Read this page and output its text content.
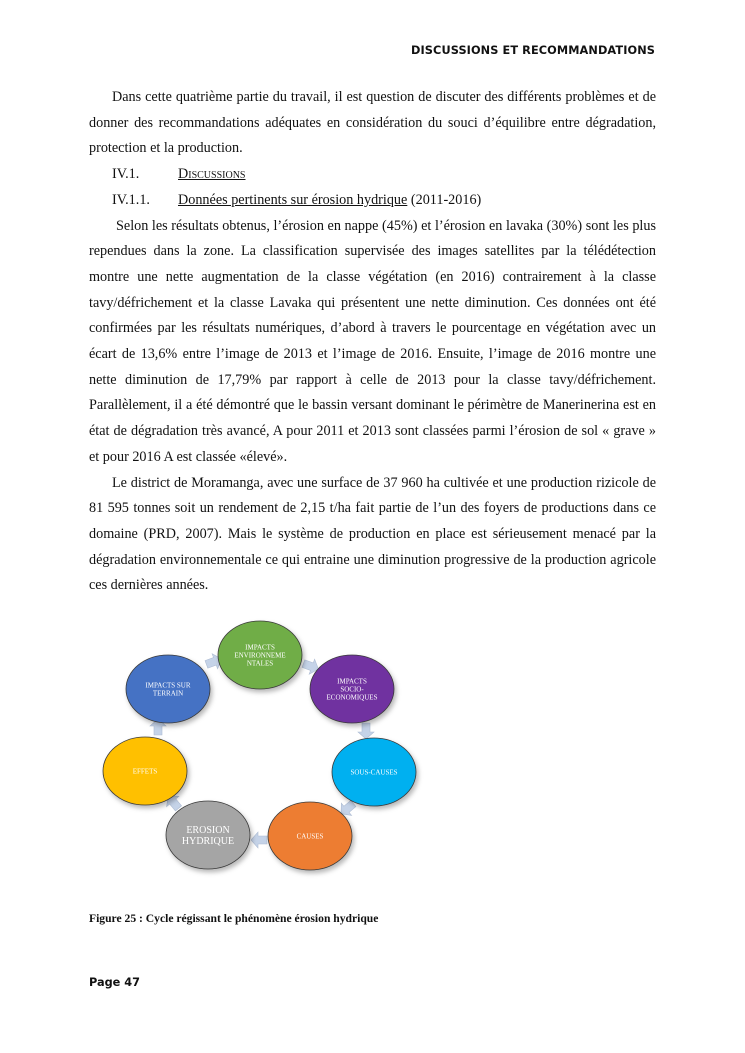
DISCUSSIONS ET RECOMMANDATIONS

Dans cette quatrième partie du travail, il est question de discuter des différents problèmes et de donner des recommandations adéquates en considération du souci d’équilibre entre dégradation, protection et la production.

IV.1.	Discussions
IV.1.1.	Données pertinents sur érosion hydrique (2011-2016)

Selon les résultats obtenus, l’érosion en nappe (45%) et l’érosion en lavaka (30%) sont les plus rependues dans la zone. La classification supervisée des images satellites par la télédétection montre une nette augmentation de la classe végétation (en 2016) contrairement à la classe tavy/défrichement et la classe Lavaka qui présentent une nette diminution. Ces données ont été confirmées par les résultats numériques, d’abord à travers le pourcentage en végétation avec un écart de 13,6% entre l’image de 2013 et l’image de 2016. Ensuite, l’image de 2016 montre une nette diminution de 17,79% par rapport à celle de 2013 pour la classe tavy/défrichement. Parallèlement, il a été démontré que le bassin versant dominant le périmètre de Manerinerina est en état de dégradation très avancé, A pour 2011 et 2013 sont classées parmi l’érosion de sol « grave » et pour 2016 A est classée «élevé».

Le district de Moramanga, avec une surface de 37 960 ha cultivée et une production rizicole de 81 595 tonnes soit un rendement de 2,15 t/ha fait partie de l’un des foyers de productions dans ce domaine (PRD, 2007). Mais le système de production en place est sérieusement menacé par la dégradation environnementale ce qui entraine une diminution progressive de la production agricole ces dernières années.

IMPACTS
ENVIRONNEME
NTALES
IMPACTS
SOCIO-
ECONOMIQUES
SOUS-CAUSES
CAUSES
EROSION
HYDRIQUE
EFFETS
IMPACTS SUR
TERRAIN
Figure 25 : Cycle régissant le phénomène érosion hydrique
Page 47
